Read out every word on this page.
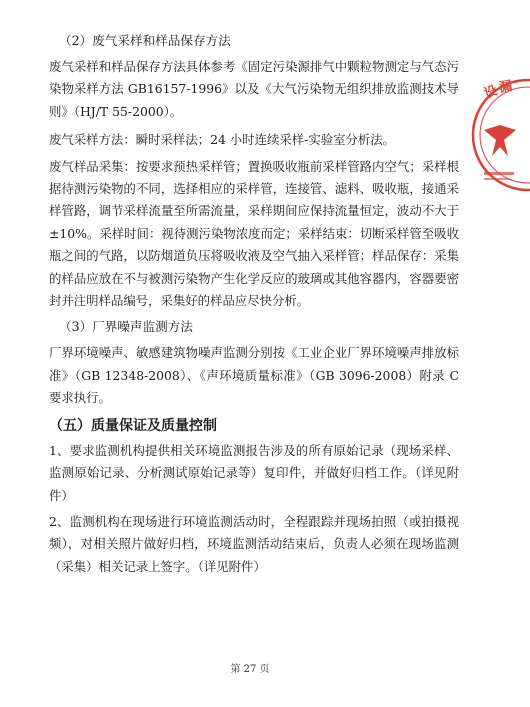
（2）废气采样和样品保存方法

废气采样和样品保存方法具体参考《固定污染源排气中颗粒物测定与气态污染物采样方法 GB16157-1996》以及《大气污染物无组织排放监测技术导则》（HJ/T 55-2000）。

废气采样方法：瞬时采样法；24 小时连续采样-实验室分析法。

废气样品采集：按要求预热采样管；置换吸收瓶前采样管路内空气；采样根据待测污染物的不同，选择相应的采样管，连接管、滤料、吸收瓶，接通采样管路，调节采样流量至所需流量，采样期间应保持流量恒定，波动不大于±10%。采样时间：视待测污染物浓度而定；采样结束：切断采样管至吸收瓶之间的气路，以防烟道负压将吸收液及空气抽入采样管；样品保存：采集的样品应放在不与被测污染物产生化学反应的玻璃或其他容器内，容器要密封并注明样品编号，采集好的样品应尽快分析。

（3）厂界噪声监测方法

厂界环境噪声、敏感建筑物噪声监测分别按《工业企业厂界环境噪声排放标准》（GB 12348-2008）、《声环境质量标准》（GB 3096-2008）附录 C 要求执行。

（五）质量保证及质量控制

1、要求监测机构提供相关环境监测报告涉及的所有原始记录（现场采样、监测原始记录、分析测试原始记录等）复印件，并做好归档工作。（详见附件）

2、监测机构在现场进行环境监测活动时，全程跟踪并现场拍照（或拍摄视频），对相关照片做好归档，环境监测活动结束后，负责人必须在现场监测（采集）相关记录上签字。（详见附件）

设
漏
第 27 页
